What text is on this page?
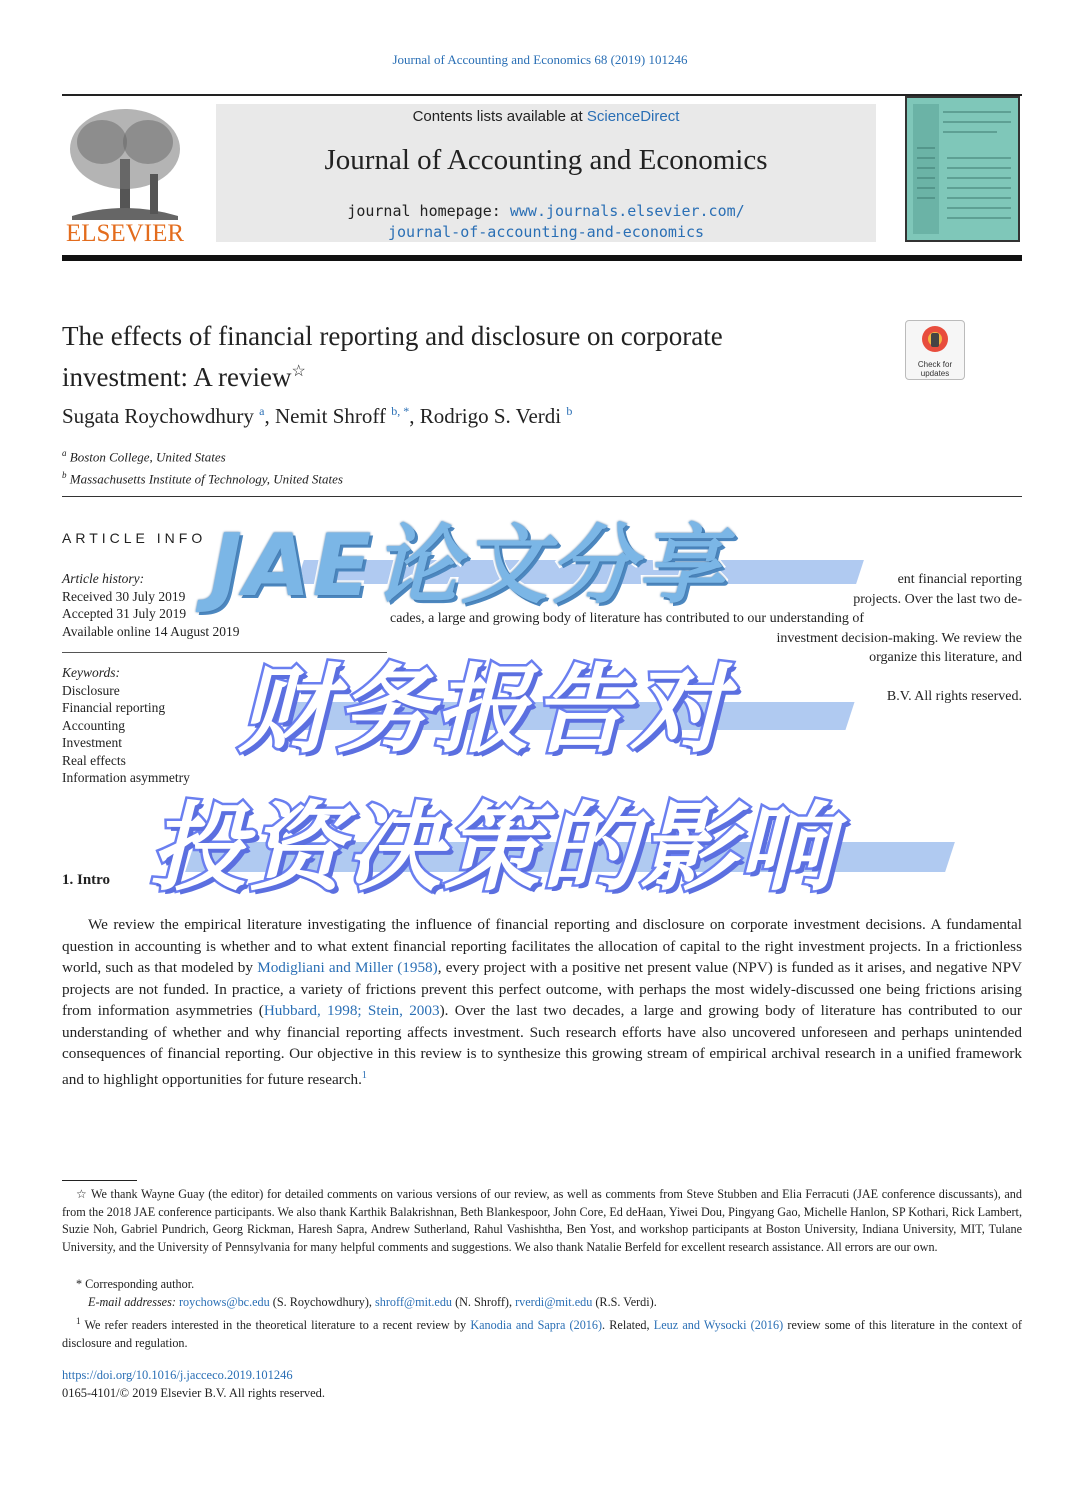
Journal of Accounting and Economics 68 (2019) 101246
ELSEVIER
Contents lists available at ScienceDirect
Journal of Accounting and Economics
journal homepage: www.journals.elsevier.com/
journal-of-accounting-and-economics
The effects of financial reporting and disclosure on corporate
investment: A review☆	Check for updates
Sugata Roychowdhury $^a$, Nemit Shroff $^{b, *}$, Rodrigo S. Verdi $^b$
$^a$ Boston College, United States
$^b$ Massachusetts Institute of Technology, United States
ARTICLE INFO
Article history:
Received 30 July 2019
Accepted 31 July 2019
Available online 14 August 2019
Keywords:
Disclosure
Financial reporting
Accounting
Investment
Real effects
Information asymmetry
ent financial reporting
projects. Over the last two de-
cades, a large and growing body of literature has contributed to our understanding of
investment decision-making. We review the
organize this literature, and
B.V. All rights reserved.
1. Intro
We review the empirical literature investigating the influence of financial reporting and disclosure on corporate investment decisions. A fundamental question in accounting is whether and to what extent financial reporting facilitates the allocation of capital to the right investment projects. In a frictionless world, such as that modeled by Modigliani and Miller (1958), every project with a positive net present value (NPV) is funded as it arises, and negative NPV projects are not funded. In practice, a variety of frictions prevent this perfect outcome, with perhaps the most widely-discussed one being frictions arising from information asymmetries (Hubbard, 1998; Stein, 2003). Over the last two decades, a large and growing body of literature has contributed to our understanding of whether and why financial reporting affects investment. Such research efforts have also uncovered unforeseen and perhaps unintended consequences of financial reporting. Our objective in this review is to synthesize this growing stream of empirical archival research in a unified framework and to highlight opportunities for future research.$^1$
☆ We thank Wayne Guay (the editor) for detailed comments on various versions of our review, as well as comments from Steve Stubben and Elia Ferracuti (JAE conference discussants), and from the 2018 JAE conference participants. We also thank Karthik Balakrishnan, Beth Blankespoor, John Core, Ed deHaan, Yiwei Dou, Pingyang Gao, Michelle Hanlon, SP Kothari, Rick Lambert, Suzie Noh, Gabriel Pundrich, Georg Rickman, Haresh Sapra, Andrew Sutherland, Rahul Vashishtha, Ben Yost, and workshop participants at Boston University, Indiana University, MIT, Tulane University, and the University of Pennsylvania for many helpful comments and suggestions. We also thank Natalie Berfeld for excellent research assistance. All errors are our own.
* Corresponding author.
E-mail addresses: roychows@bc.edu (S. Roychowdhury), shroff@mit.edu (N. Shroff), rverdi@mit.edu (R.S. Verdi).
$^1$ We refer readers interested in the theoretical literature to a recent review by Kanodia and Sapra (2016). Related, Leuz and Wysocki (2016) review some of this literature in the context of disclosure and regulation.
https://doi.org/10.1016/j.jacceco.2019.101246
0165-4101/© 2019 Elsevier B.V. All rights reserved.
JAE论文分享
财务报告对
投资决策的影响
